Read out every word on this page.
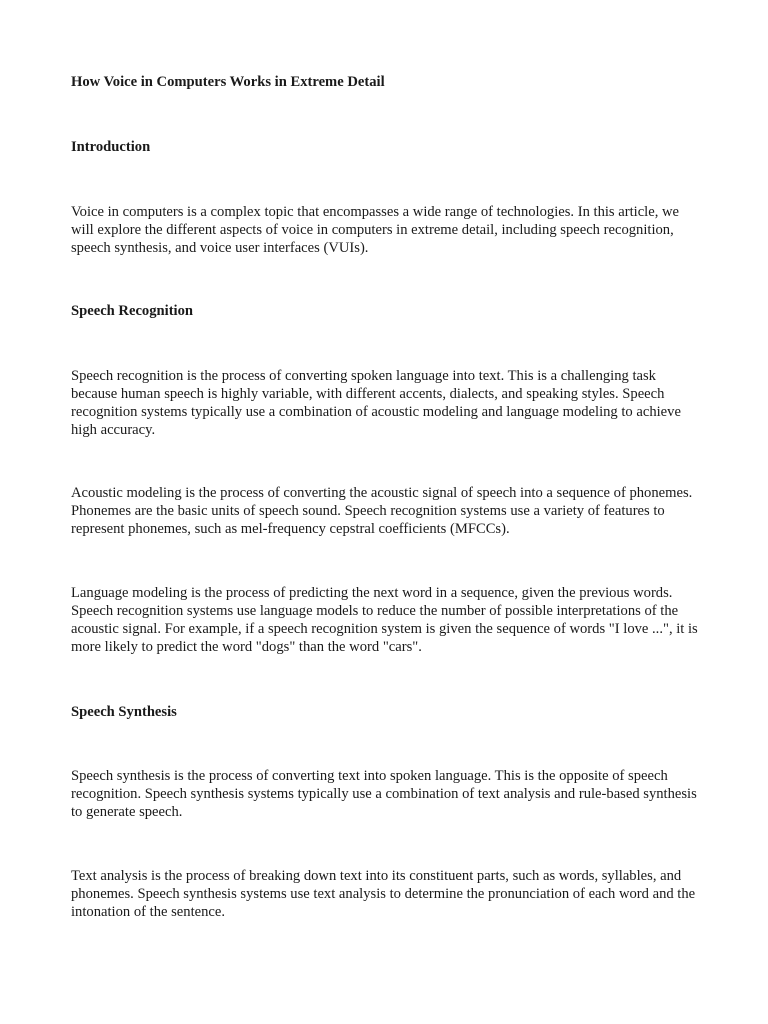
How Voice in Computers Works in Extreme Detail
Introduction

Voice in computers is a complex topic that encompasses a wide range of technologies. In this article, we will explore the different aspects of voice in computers in extreme detail, including speech recognition, speech synthesis, and voice user interfaces (VUIs).

Speech Recognition

Speech recognition is the process of converting spoken language into text. This is a challenging task because human speech is highly variable, with different accents, dialects, and speaking styles. Speech recognition systems typically use a combination of acoustic modeling and language modeling to achieve high accuracy.

Acoustic modeling is the process of converting the acoustic signal of speech into a sequence of phonemes. Phonemes are the basic units of speech sound. Speech recognition systems use a variety of features to represent phonemes, such as mel-frequency cepstral coefficients (MFCCs).

Language modeling is the process of predicting the next word in a sequence, given the previous words. Speech recognition systems use language models to reduce the number of possible interpretations of the acoustic signal. For example, if a speech recognition system is given the sequence of words "I love ...", it is more likely to predict the word "dogs" than the word "cars".

Speech Synthesis

Speech synthesis is the process of converting text into spoken language. This is the opposite of speech recognition. Speech synthesis systems typically use a combination of text analysis and rule-based synthesis to generate speech.

Text analysis is the process of breaking down text into its constituent parts, such as words, syllables, and phonemes. Speech synthesis systems use text analysis to determine the pronunciation of each word and the intonation of the sentence.
